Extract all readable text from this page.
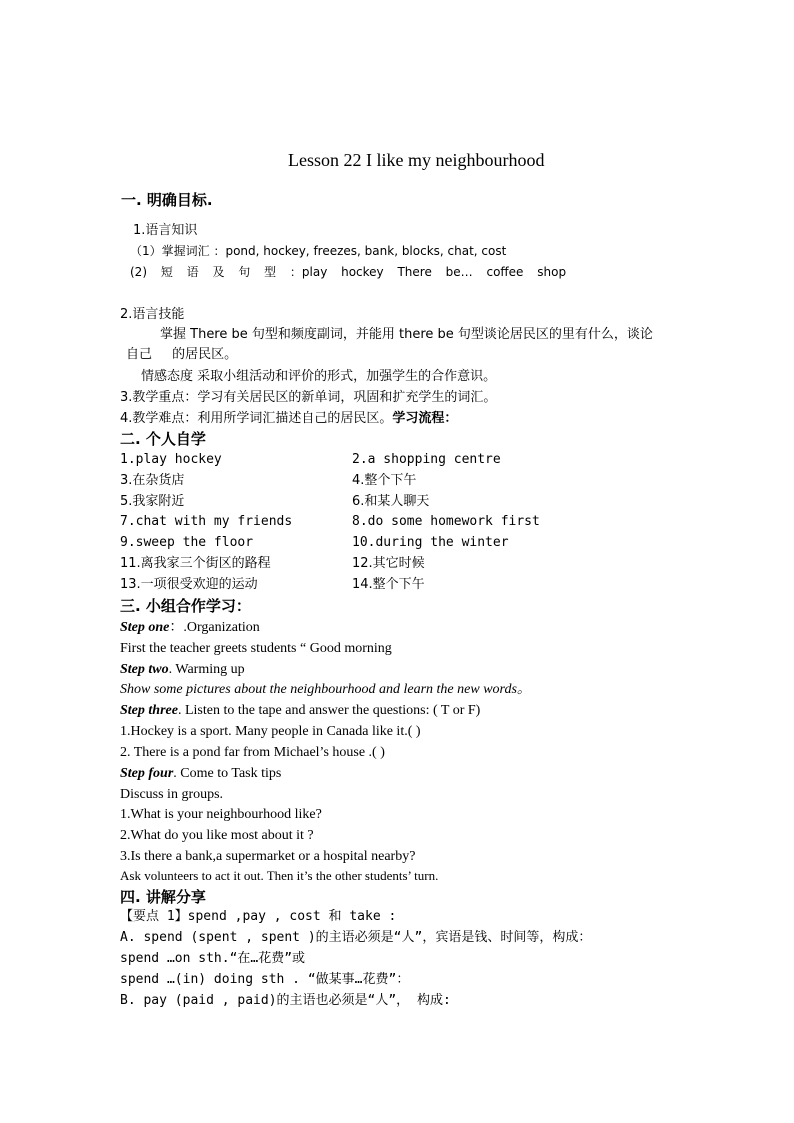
Lesson 22 I like my neighbourhood
一. 明确目标.
1.语言知识
（1）掌握词汇 ：pond, hockey, freezes, bank, blocks, chat, cost
(2) 短 语 及 句 型 ：play hockey There be… coffee shop
2.语言技能
掌握 There be 句型和频度副词，并能用 there be 句型谈论居民区的里有什么，谈论
自己 的居民区。
情感态度 采取小组活动和评价的形式，加强学生的合作意识。
3.教学重点：学习有关居民区的新单词，巩固和扩充学生的词汇。
4.教学难点：利用所学词汇描述自己的居民区。学习流程：
二. 个人自学
1.play hockey	2.a shopping centre
3.在杂货店	4.整个下午
5.我家附近	6.和某人聊天
7.chat with my friends	8.do some homework first
9.sweep the floor	10.during the winter
11.离我家三个街区的路程	12.其它时候
13.一项很受欢迎的运动	14.整个下午
三. 小组合作学习：
Step one：.Organization
First the teacher greets students “ Good morning
Step two. Warming up
Show some pictures about the neighbourhood and learn the new words。
Step three. Listen to the tape and answer the questions: ( T or F)
1.Hockey is a sport. Many people in Canada like it.( )
2. There is a pond far from Michael’s house .( )
Step four. Come to Task tips
Discuss in groups.
1.What is your neighbourhood like?
2.What do you like most about it ?
3.Is there a bank,a supermarket or a hospital nearby?
Ask volunteers to act it out. Then it’s the other students’ turn.
四. 讲解分享
【要点 1】spend ,pay , cost 和 take :
A. spend (spent , spent )的主语必须是“人”，宾语是钱、时间等，构成：
spend …on sth.“在…花费”或
spend …(in) doing sth . “做某事…花费”：
B. pay (paid , paid)的主语也必须是“人”， 构成:
